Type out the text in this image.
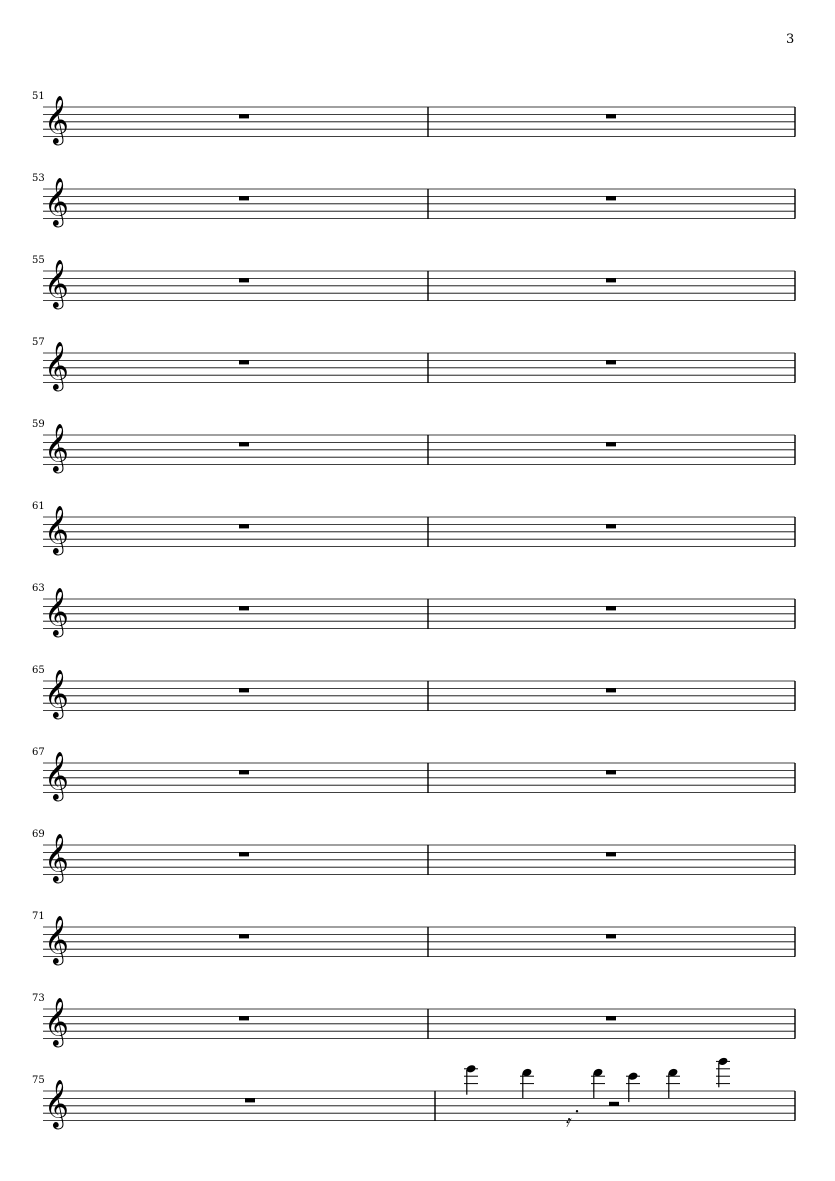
3
51 𝄞
53 𝄞
55 𝄞
57 𝄞
59 𝄞
61 𝄞
63 𝄞
65 𝄞
67 𝄞
69 𝄞
71 𝄞
73 𝄞
75 𝄞	𝄿
